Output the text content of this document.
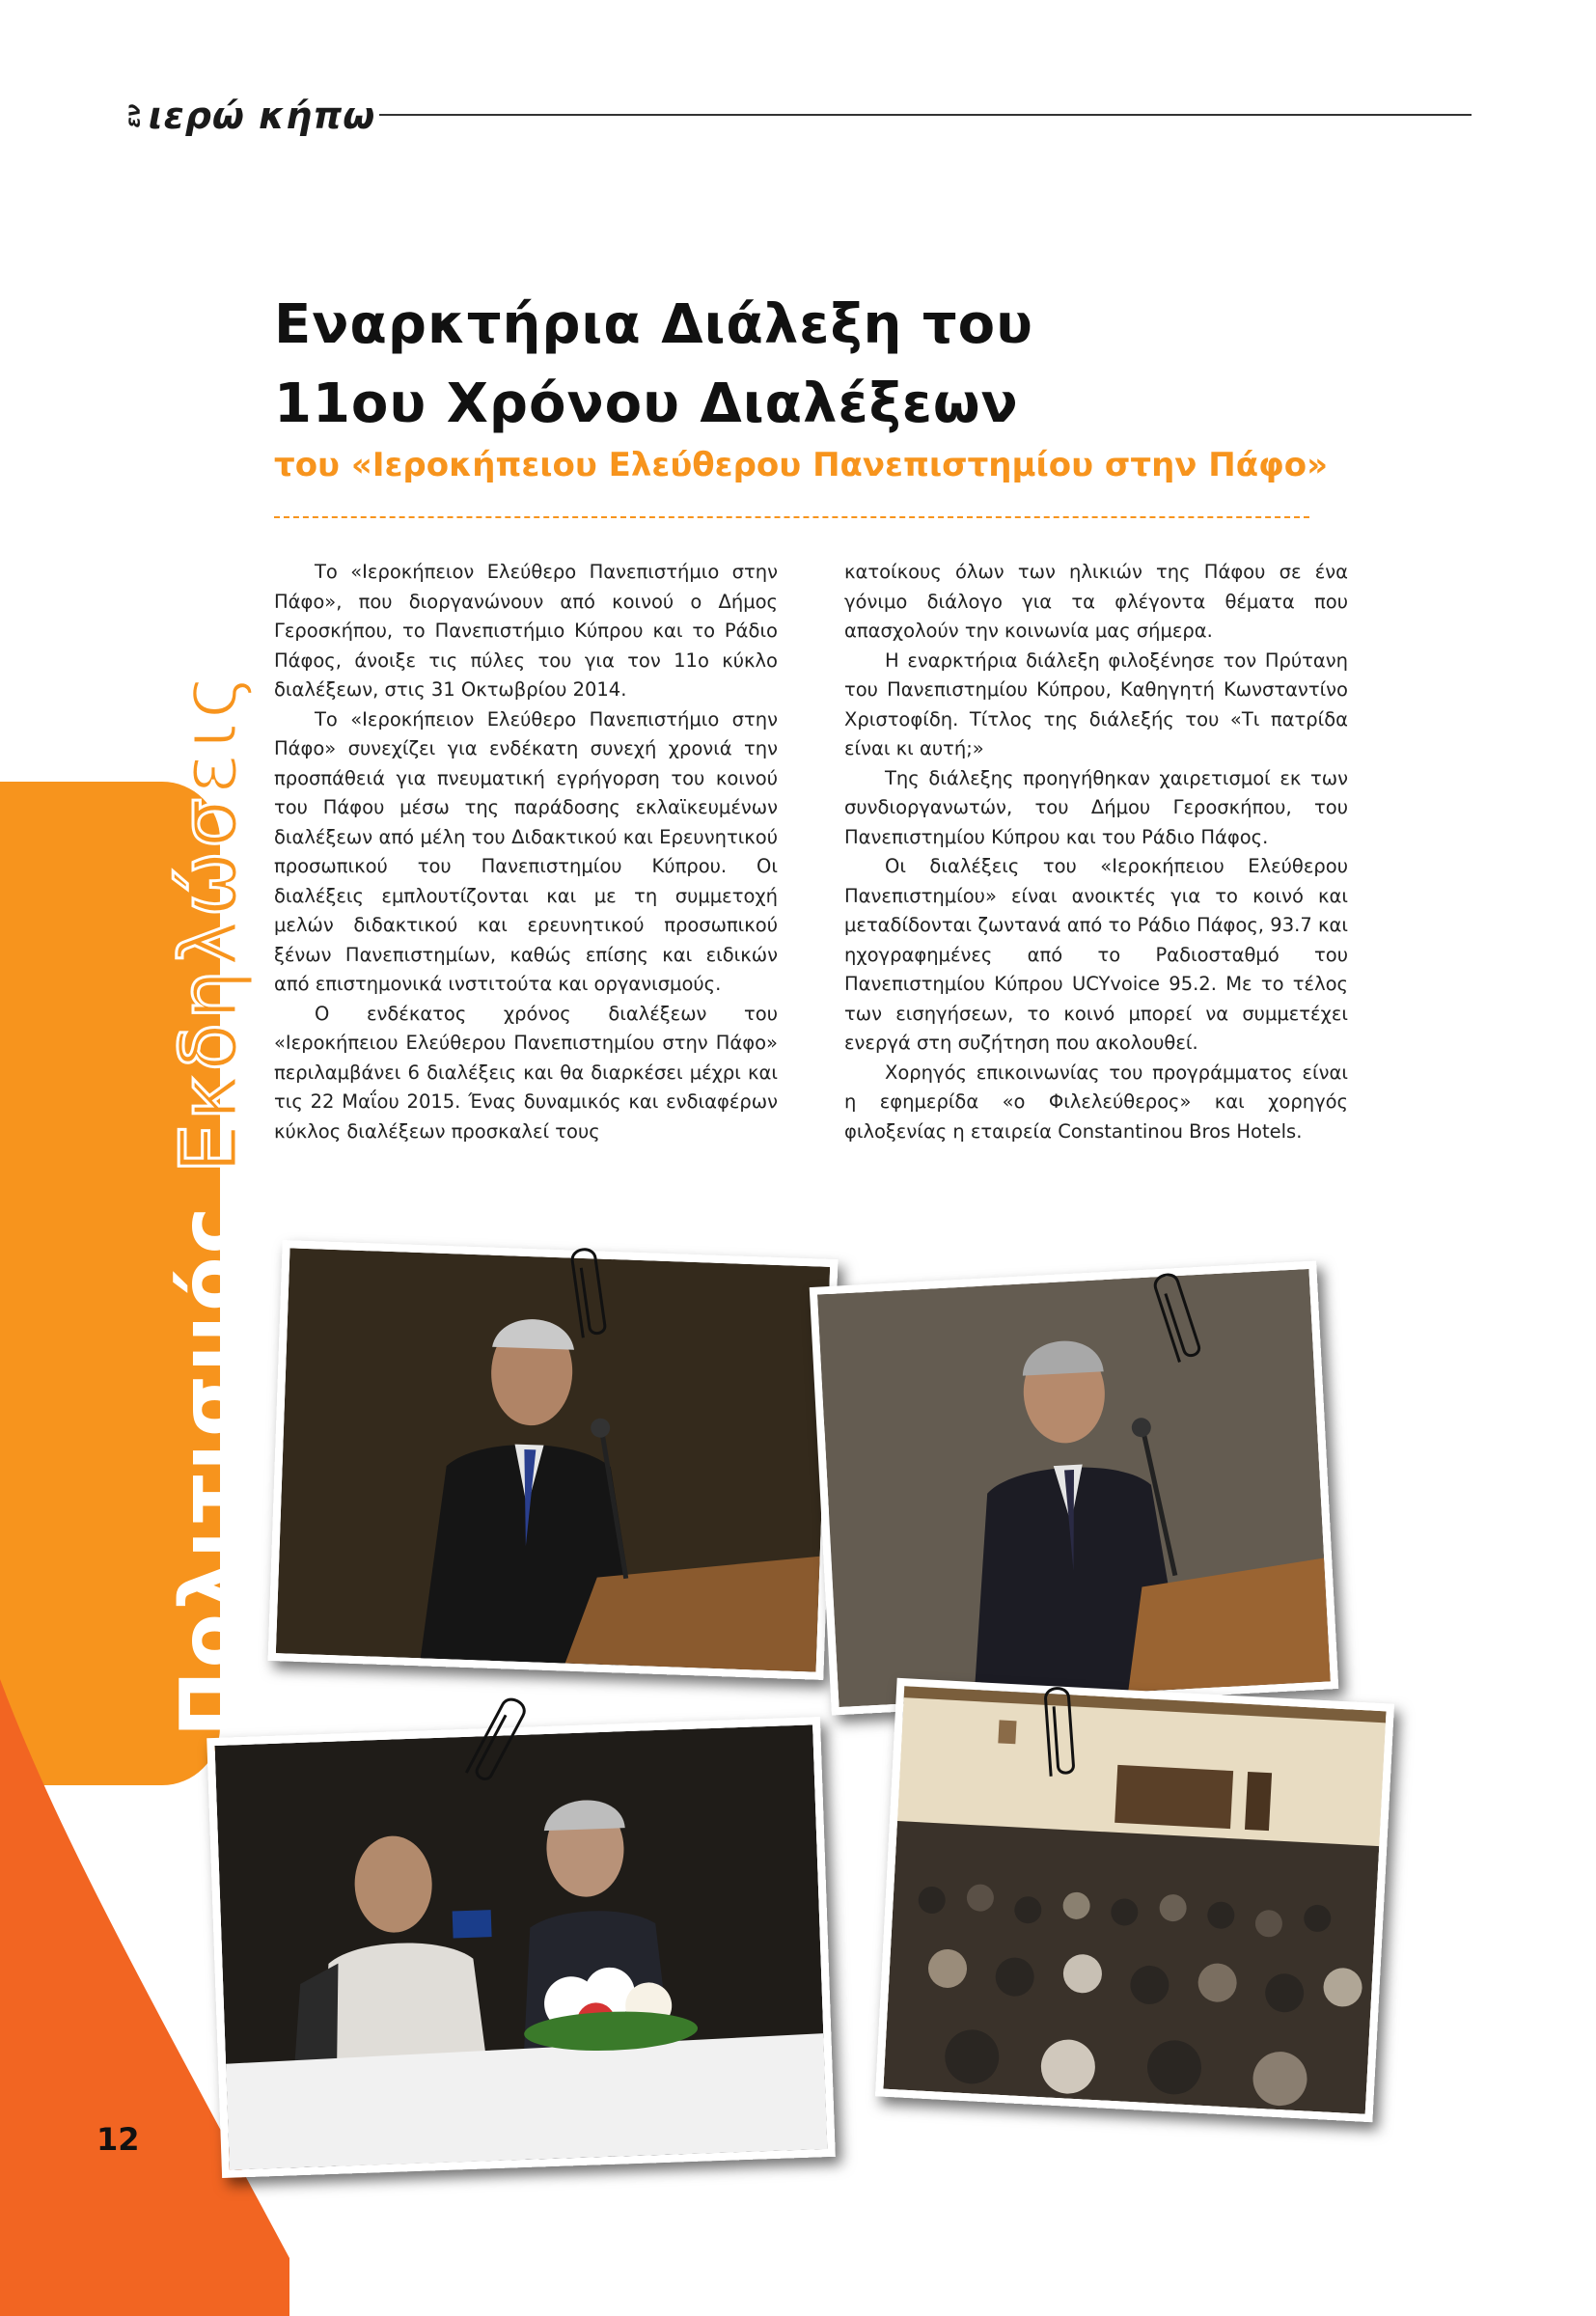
εν ιερώ κήπω
Πολιτισμός Εκδηλώσεις
12
Εναρκτήρια Διάλεξη του
11ου Χρόνου Διαλέξεων
του «Ιεροκήπειου Ελεύθερου Πανεπιστημίου στην Πάφο»

Το «Ιεροκήπειον Ελεύθερο Πανεπιστήμιο στην Πάφο», που διοργανώνουν από κοινού ο Δήμος Γεροσκήπου, το Πανεπιστήμιο Κύπρου και το Ράδιο Πάφος, άνοιξε τις πύλες του για τον 11ο κύκλο διαλέξεων, στις 31 Οκτωβρίου 2014.

Το «Ιεροκήπειον Ελεύθερο Πανεπιστήμιο στην Πάφο» συνεχίζει για ενδέκατη συνεχή χρονιά την προσπάθειά για πνευματική εγρήγορση του κοινού του Πάφου μέσω της παράδοσης εκλαϊκευμένων διαλέξεων από μέλη του Διδακτικού και Ερευνητικού προσωπικού του Πανεπιστημίου Κύπρου. Οι διαλέξεις εμπλουτίζονται και με τη συμμετοχή μελών διδακτικού και ερευνητικού προσωπικού ξένων Πανεπιστημίων, καθώς επίσης και ειδικών από επιστημονικά ινστιτούτα και οργανισμούς.

Ο ενδέκατος χρόνος διαλέξεων του «Ιεροκήπειου Ελεύθερου Πανεπιστημίου στην Πάφο» περιλαμβάνει 6 διαλέξεις και θα διαρκέσει μέχρι και τις 22 Μαΐου 2015. Ένας δυναμικός και ενδιαφέρων κύκλος διαλέξεων προσκαλεί τους

κατοίκους όλων των ηλικιών της Πάφου σε ένα γόνιμο διάλογο για τα φλέγοντα θέματα που απασχολούν την κοινωνία μας σήμερα.

Η εναρκτήρια διάλεξη φιλοξένησε τον Πρύτανη του Πανεπιστημίου Κύπρου, Καθηγητή Κωνσταντίνο Χριστοφίδη. Τίτλος της διάλεξής του «Τι πατρίδα είναι κι αυτή;»

Της διάλεξης προηγήθηκαν χαιρετισμοί εκ των συνδιοργανωτών, του Δήμου Γεροσκήπου, του Πανεπιστημίου Κύπρου και του Ράδιο Πάφος.

Οι διαλέξεις του «Ιεροκήπειου Ελεύθερου Πανεπιστημίου» είναι ανοικτές για το κοινό και μεταδίδονται ζωντανά από το Ράδιο Πάφος, 93.7 και ηχογραφημένες από το Ραδιοσταθμό του Πανεπιστημίου Κύπρου UCYvoice 95.2. Με το τέλος των εισηγήσεων, το κοινό μπορεί να συμμετέχει ενεργά στη συζήτηση που ακολουθεί.

Χορηγός επικοινωνίας του προγράμματος είναι η εφημερίδα «ο Φιλελεύθερος» και χορηγός φιλοξενίας η εταιρεία Constantinou Bros Hotels.
